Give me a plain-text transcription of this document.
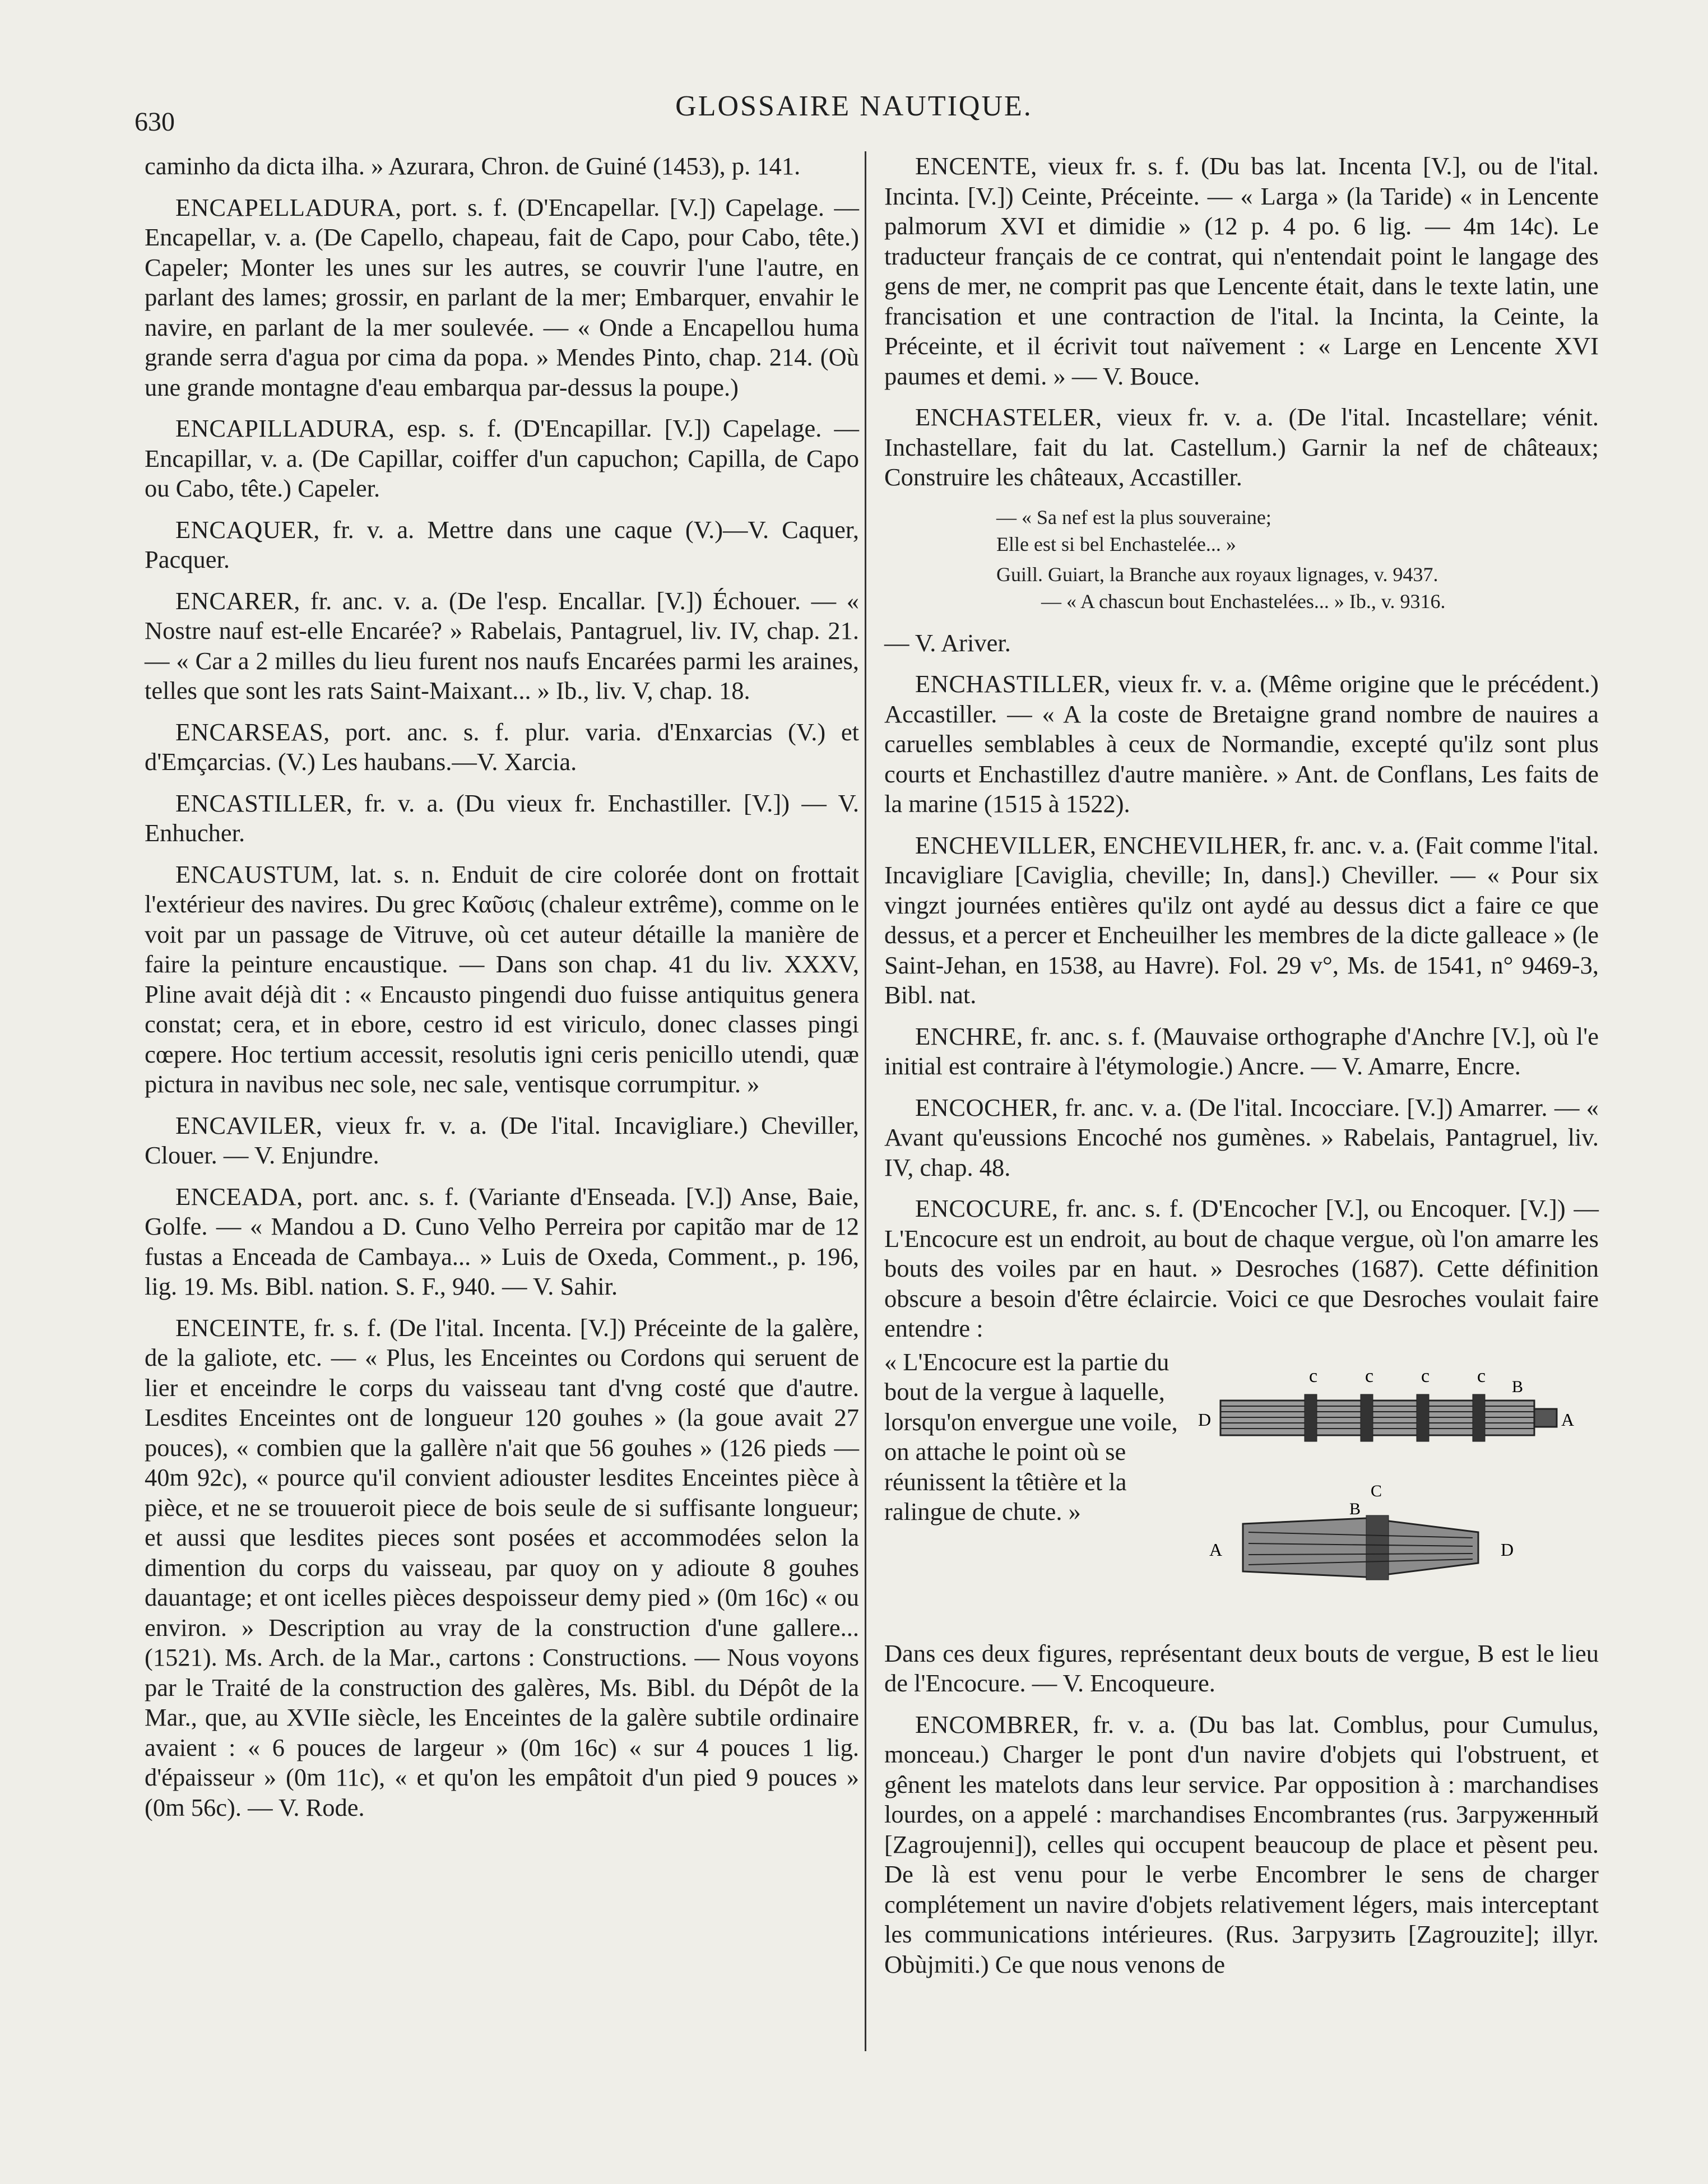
630	GLOSSAIRE NAUTIQUE.

caminho da dicta ilha. » Azurara, Chron. de Guiné (1453), p. 141.

ENCAPELLADURA, port. s. f. (D'Encapellar. [V.]) Capelage. — Encapellar, v. a. (De Capello, chapeau, fait de Capo, pour Cabo, tête.) Capeler; Monter les unes sur les autres, se couvrir l'une l'autre, en parlant des lames; grossir, en parlant de la mer; Embarquer, envahir le navire, en parlant de la mer soulevée. — « Onde a Encapellou huma grande serra d'agua por cima da popa. » Mendes Pinto, chap. 214. (Où une grande montagne d'eau embarqua par-dessus la poupe.)

ENCAPILLADURA, esp. s. f. (D'Encapillar. [V.]) Capelage. — Encapillar, v. a. (De Capillar, coiffer d'un capuchon; Capilla, de Capo ou Cabo, tête.) Capeler.

ENCAQUER, fr. v. a. Mettre dans une caque (V.)—V. Caquer, Pacquer.

ENCARER, fr. anc. v. a. (De l'esp. Encallar. [V.]) Échouer. — « Nostre nauf est-elle Encarée? » Rabelais, Pantagruel, liv. IV, chap. 21. — « Car a 2 milles du lieu furent nos naufs Encarées parmi les araines, telles que sont les rats Saint-Maixant... » Ib., liv. V, chap. 18.

ENCARSEAS, port. anc. s. f. plur. varia. d'Enxarcias (V.) et d'Emçarcias. (V.) Les haubans.—V. Xarcia.

ENCASTILLER, fr. v. a. (Du vieux fr. Enchastiller. [V.]) — V. Enhucher.

ENCAUSTUM, lat. s. n. Enduit de cire colorée dont on frottait l'extérieur des navires. Du grec Καῦσις (chaleur extrême), comme on le voit par un passage de Vitruve, où cet auteur détaille la manière de faire la peinture encaustique. — Dans son chap. 41 du liv. XXXV, Pline avait déjà dit : « Encausto pingendi duo fuisse antiquitus genera constat; cera, et in ebore, cestro id est viriculo, donec classes pingi cœpere. Hoc tertium accessit, resolutis igni ceris penicillo utendi, quæ pictura in navibus nec sole, nec sale, ventisque corrumpitur. »

ENCAVILER, vieux fr. v. a. (De l'ital. Incavigliare.) Cheviller, Clouer. — V. Enjundre.

ENCEADA, port. anc. s. f. (Variante d'Enseada. [V.]) Anse, Baie, Golfe. — « Mandou a D. Cuno Velho Perreira por capitão mar de 12 fustas a Enceada de Cambaya... » Luis de Oxeda, Comment., p. 196, lig. 19. Ms. Bibl. nation. S. F., 940. — V. Sahir.

ENCEINTE, fr. s. f. (De l'ital. Incenta. [V.]) Préceinte de la galère, de la galiote, etc. — « Plus, les Enceintes ou Cordons qui seruent de lier et enceindre le corps du vaisseau tant d'vng costé que d'autre. Lesdites Enceintes ont de longueur 120 gouhes » (la goue avait 27 pouces), « combien que la gallère n'ait que 56 gouhes » (126 pieds — 40m 92c), « pource qu'il convient adiouster lesdites Enceintes pièce à pièce, et ne se trouueroit piece de bois seule de si suffisante longueur; et aussi que lesdites pieces sont posées et accommodées selon la dimention du corps du vaisseau, par quoy on y adioute 8 gouhes dauantage; et ont icelles pièces despoisseur demy pied » (0m 16c) « ou environ. » Description au vray de la construction d'une gallere... (1521). Ms. Arch. de la Mar., cartons : Constructions. — Nous voyons par le Traité de la construction des galères, Ms. Bibl. du Dépôt de la Mar., que, au XVIIe siècle, les Enceintes de la galère subtile ordinaire avaient : « 6 pouces de largeur » (0m 16c) « sur 4 pouces 1 lig. d'épaisseur » (0m 11c), « et qu'on les empâtoit d'un pied 9 pouces » (0m 56c). — V. Rode.

ENCENTE, vieux fr. s. f. (Du bas lat. Incenta [V.], ou de l'ital. Incinta. [V.]) Ceinte, Préceinte. — « Larga » (la Taride) « in Lencente palmorum XVI et dimidie » (12 p. 4 po. 6 lig. — 4m 14c). Le traducteur français de ce contrat, qui n'entendait point le langage des gens de mer, ne comprit pas que Lencente était, dans le texte latin, une francisation et une contraction de l'ital. la Incinta, la Ceinte, la Préceinte, et il écrivit tout naïvement : « Large en Lencente XVI paumes et demi. » — V. Bouce.

ENCHASTELER, vieux fr. v. a. (De l'ital. Incastellare; vénit. Inchastellare, fait du lat. Castellum.) Garnir la nef de châteaux; Construire les châteaux, Accastiller.

— « Sa nef est la plus souveraine;

Elle est si bel Enchastelée... »

Guill. Guiart, la Branche aux royaux lignages, v. 9437.

— « A chascun bout Enchastelées... » Ib., v. 9316.

— V. Ariver.

ENCHASTILLER, vieux fr. v. a. (Même origine que le précédent.) Accastiller. — « A la coste de Bretaigne grand nombre de nauires a caruelles semblables à ceux de Normandie, excepté qu'ilz sont plus courts et Enchastillez d'autre manière. » Ant. de Conflans, Les faits de la marine (1515 à 1522).

ENCHEVILLER, ENCHEVILHER, fr. anc. v. a. (Fait comme l'ital. Incavigliare [Caviglia, cheville; In, dans].) Cheviller. — « Pour six vingzt journées entières qu'ilz ont aydé au dessus dict a faire ce que dessus, et a percer et Encheuilher les membres de la dicte galleace » (le Saint-Jehan, en 1538, au Havre). Fol. 29 v°, Ms. de 1541, n° 9469-3, Bibl. nat.

ENCHRE, fr. anc. s. f. (Mauvaise orthographe d'Anchre [V.], où l'e initial est contraire à l'étymologie.) Ancre. — V. Amarre, Encre.

ENCOCHER, fr. anc. v. a. (De l'ital. Incocciare. [V.]) Amarrer. — « Avant qu'eussions Encoché nos gumènes. » Rabelais, Pantagruel, liv. IV, chap. 48.

ENCOCURE, fr. anc. s. f. (D'Encocher [V.], ou Encoquer. [V.]) — L'Encocure est un endroit, au bout de chaque vergue, où l'on amarre les bouts des voiles par en haut. » Desroches (1687). Cette définition obscure a besoin d'être éclaircie. Voici ce que Desroches voulait faire entendre :

« L'Encocure est la partie du bout de la vergue à laquelle, lorsqu'on envergue une voile, on attache le point où se réunissent la têtière et la ralingue de chute. »
c c c c
B
A
D
C
B
A	D

Dans ces deux figures, représentant deux bouts de vergue, B est le lieu de l'Encocure. — V. Encoqueure.

ENCOMBRER, fr. v. a. (Du bas lat. Comblus, pour Cumulus, monceau.) Charger le pont d'un navire d'objets qui l'obstruent, et gênent les matelots dans leur service. Par opposition à : marchandises lourdes, on a appelé : marchandises Encombrantes (rus. Загруженный [Zagroujenni]), celles qui occupent beaucoup de place et pèsent peu. De là est venu pour le verbe Encombrer le sens de charger complétement un navire d'objets relativement légers, mais interceptant les communications intérieures. (Rus. Загрузить [Zagrouzite]; illyr. Obùjmiti.) Ce que nous venons de
